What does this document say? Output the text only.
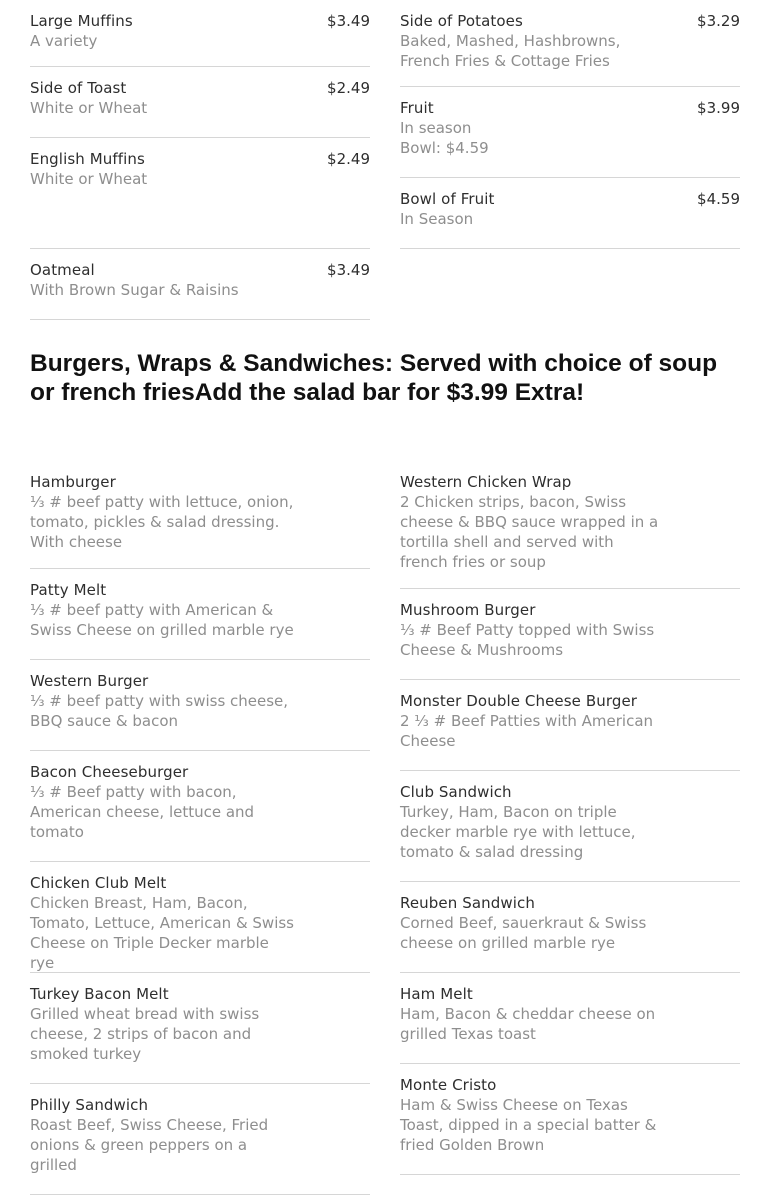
Large Muffins	$3.49
A variety
Side of Toast	$2.49
White or Wheat
English Muffins	$2.49
White or Wheat
Oatmeal	$3.49
With Brown Sugar & Raisins
Side of Potatoes	$3.29
Baked, Mashed, Hashbrowns, French Fries & Cottage Fries
Fruit	$3.99
In season
Bowl: $4.59
Bowl of Fruit	$4.59
In Season
Burgers, Wraps & Sandwiches: Served with choice of soup or french friesAdd the salad bar for $3.99 Extra!
Hamburger
⅓ # beef patty with lettuce, onion, tomato, pickles & salad dressing.
With cheese
Patty Melt
⅓ # beef patty with American & Swiss Cheese on grilled marble rye
Western Burger
⅓ # beef patty with swiss cheese, BBQ sauce & bacon
Bacon Cheeseburger
⅓ # Beef patty with bacon, American cheese, lettuce and tomato
Chicken Club Melt
Chicken Breast, Ham, Bacon, Tomato, Lettuce, American & Swiss Cheese on Triple Decker marble rye
Turkey Bacon Melt
Grilled wheat bread with swiss cheese, 2 strips of bacon and smoked turkey
Philly Sandwich
Roast Beef, Swiss Cheese, Fried onions & green peppers on a grilled
Western Chicken Wrap
2 Chicken strips, bacon, Swiss cheese & BBQ sauce wrapped in a tortilla shell and served with french fries or soup
Mushroom Burger
⅓ # Beef Patty topped with Swiss Cheese & Mushrooms
Monster Double Cheese Burger
2 ⅓ # Beef Patties with American Cheese
Club Sandwich
Turkey, Ham, Bacon on triple decker marble rye with lettuce, tomato & salad dressing
Reuben Sandwich
Corned Beef, sauerkraut & Swiss cheese on grilled marble rye
Ham Melt
Ham, Bacon & cheddar cheese on grilled Texas toast
Monte Cristo
Ham & Swiss Cheese on Texas Toast, dipped in a special batter & fried Golden Brown
